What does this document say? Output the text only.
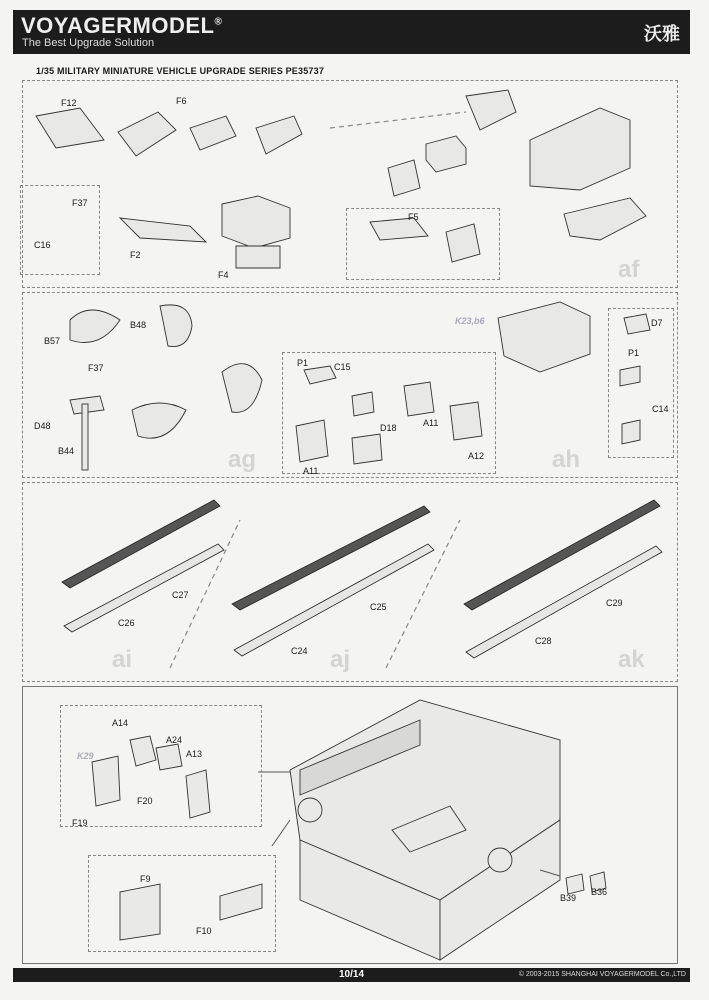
VOYAGERMODEL®
The Best Upgrade Solution	沃雅
1/35 MILITARY MINIATURE VEHICLE UPGRADE SERIES PE35737
F12	F6
F37
C16
F2
F4
F5
af
B48
B57
F37
D48
B44	ag
K23,b6
P1	C15
D18	A11
A11
A12
D7
P1
C14
ah
C27
C26
ai
C25
C24 aj
C29
C28
ak
A14
A24
A13
K29
F20
F19
F9
F10
B39
B36
10/14	© 2003-2015 SHANGHAI VOYAGERMODEL Co.,LTD
